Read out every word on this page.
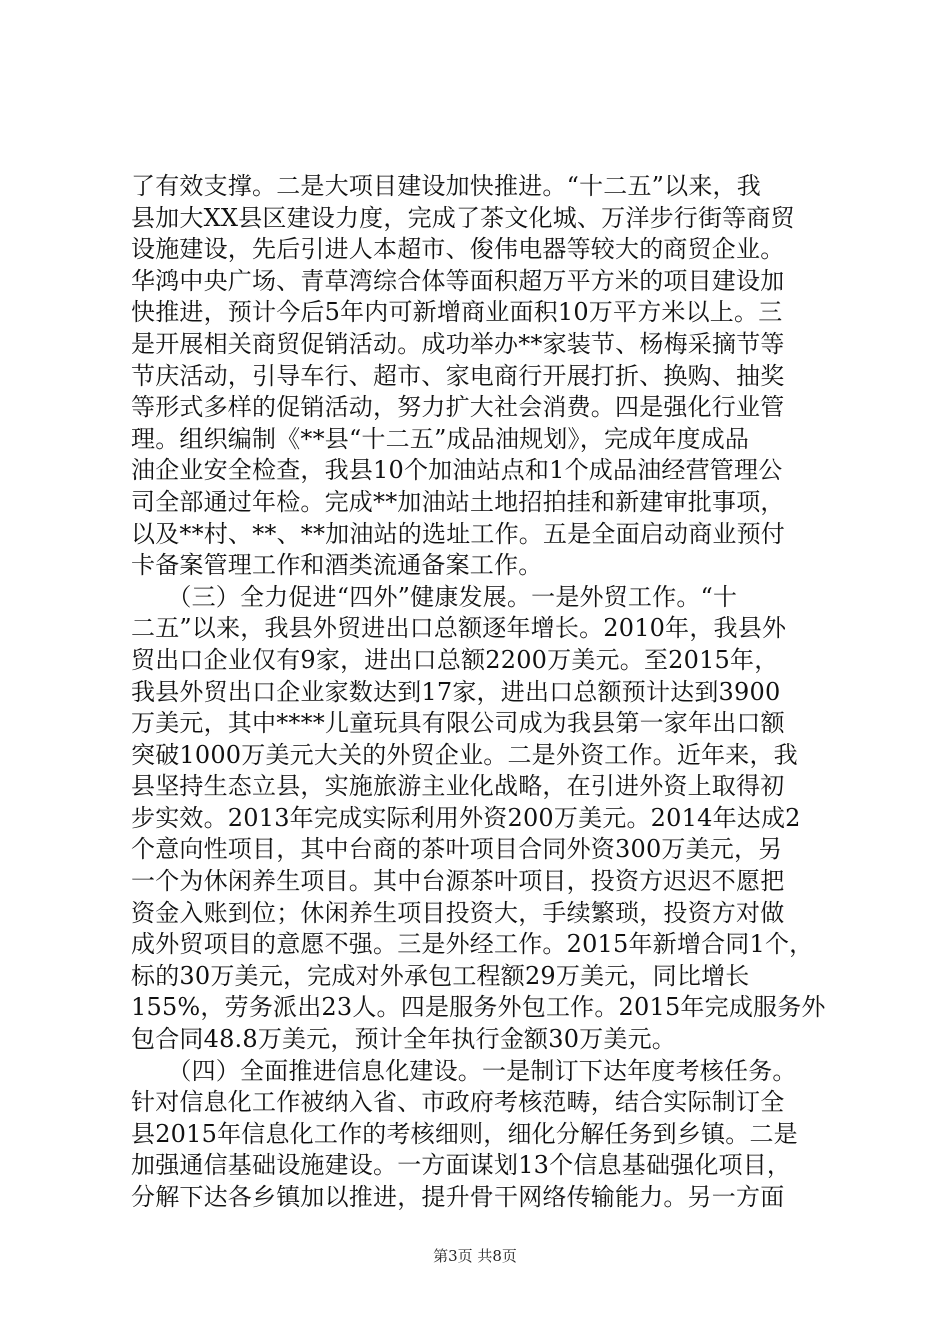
了有效支撑。二是大项目建设加快推进。“十二五”以来，我
县加大XX县区建设力度，完成了茶文化城、万洋步行街等商贸
设施建设，先后引进人本超市、俊伟电器等较大的商贸企业。
华鸿中央广场、青草湾综合体等面积超万平方米的项目建设加
快推进，预计今后5年内可新增商业面积10万平方米以上。三
是开展相关商贸促销活动。成功举办**家装节、杨梅采摘节等
节庆活动，引导车行、超市、家电商行开展打折、换购、抽奖
等形式多样的促销活动，努力扩大社会消费。四是强化行业管
理。组织编制《**县“十二五”成品油规划》，完成年度成品
油企业安全检查，我县10个加油站点和1个成品油经营管理公
司全部通过年检。完成**加油站土地招拍挂和新建审批事项，
以及**村、**、**加油站的选址工作。五是全面启动商业预付
卡备案管理工作和酒类流通备案工作。
　　（三）全力促进“四外”健康发展。一是外贸工作。“十
二五”以来，我县外贸进出口总额逐年增长。2010年，我县外
贸出口企业仅有9家，进出口总额2200万美元。至2015年，
我县外贸出口企业家数达到17家，进出口总额预计达到3900
万美元，其中****儿童玩具有限公司成为我县第一家年出口额
突破1000万美元大关的外贸企业。二是外资工作。近年来，我
县坚持生态立县，实施旅游主业化战略，在引进外资上取得初
步实效。2013年完成实际利用外资200万美元。2014年达成2
个意向性项目，其中台商的茶叶项目合同外资300万美元，另
一个为休闲养生项目。其中台源茶叶项目，投资方迟迟不愿把
资金入账到位；休闲养生项目投资大，手续繁琐，投资方对做
成外贸项目的意愿不强。三是外经工作。2015年新增合同1个，
标的30万美元，完成对外承包工程额29万美元，同比增长
155%，劳务派出23人。四是服务外包工作。2015年完成服务外
包合同48.8万美元，预计全年执行金额30万美元。
　　（四）全面推进信息化建设。一是制订下达年度考核任务。
针对信息化工作被纳入省、市政府考核范畴，结合实际制订全
县2015年信息化工作的考核细则，细化分解任务到乡镇。二是
加强通信基础设施建设。一方面谋划13个信息基础强化项目，
分解下达各乡镇加以推进，提升骨干网络传输能力。另一方面
第3页 共8页
